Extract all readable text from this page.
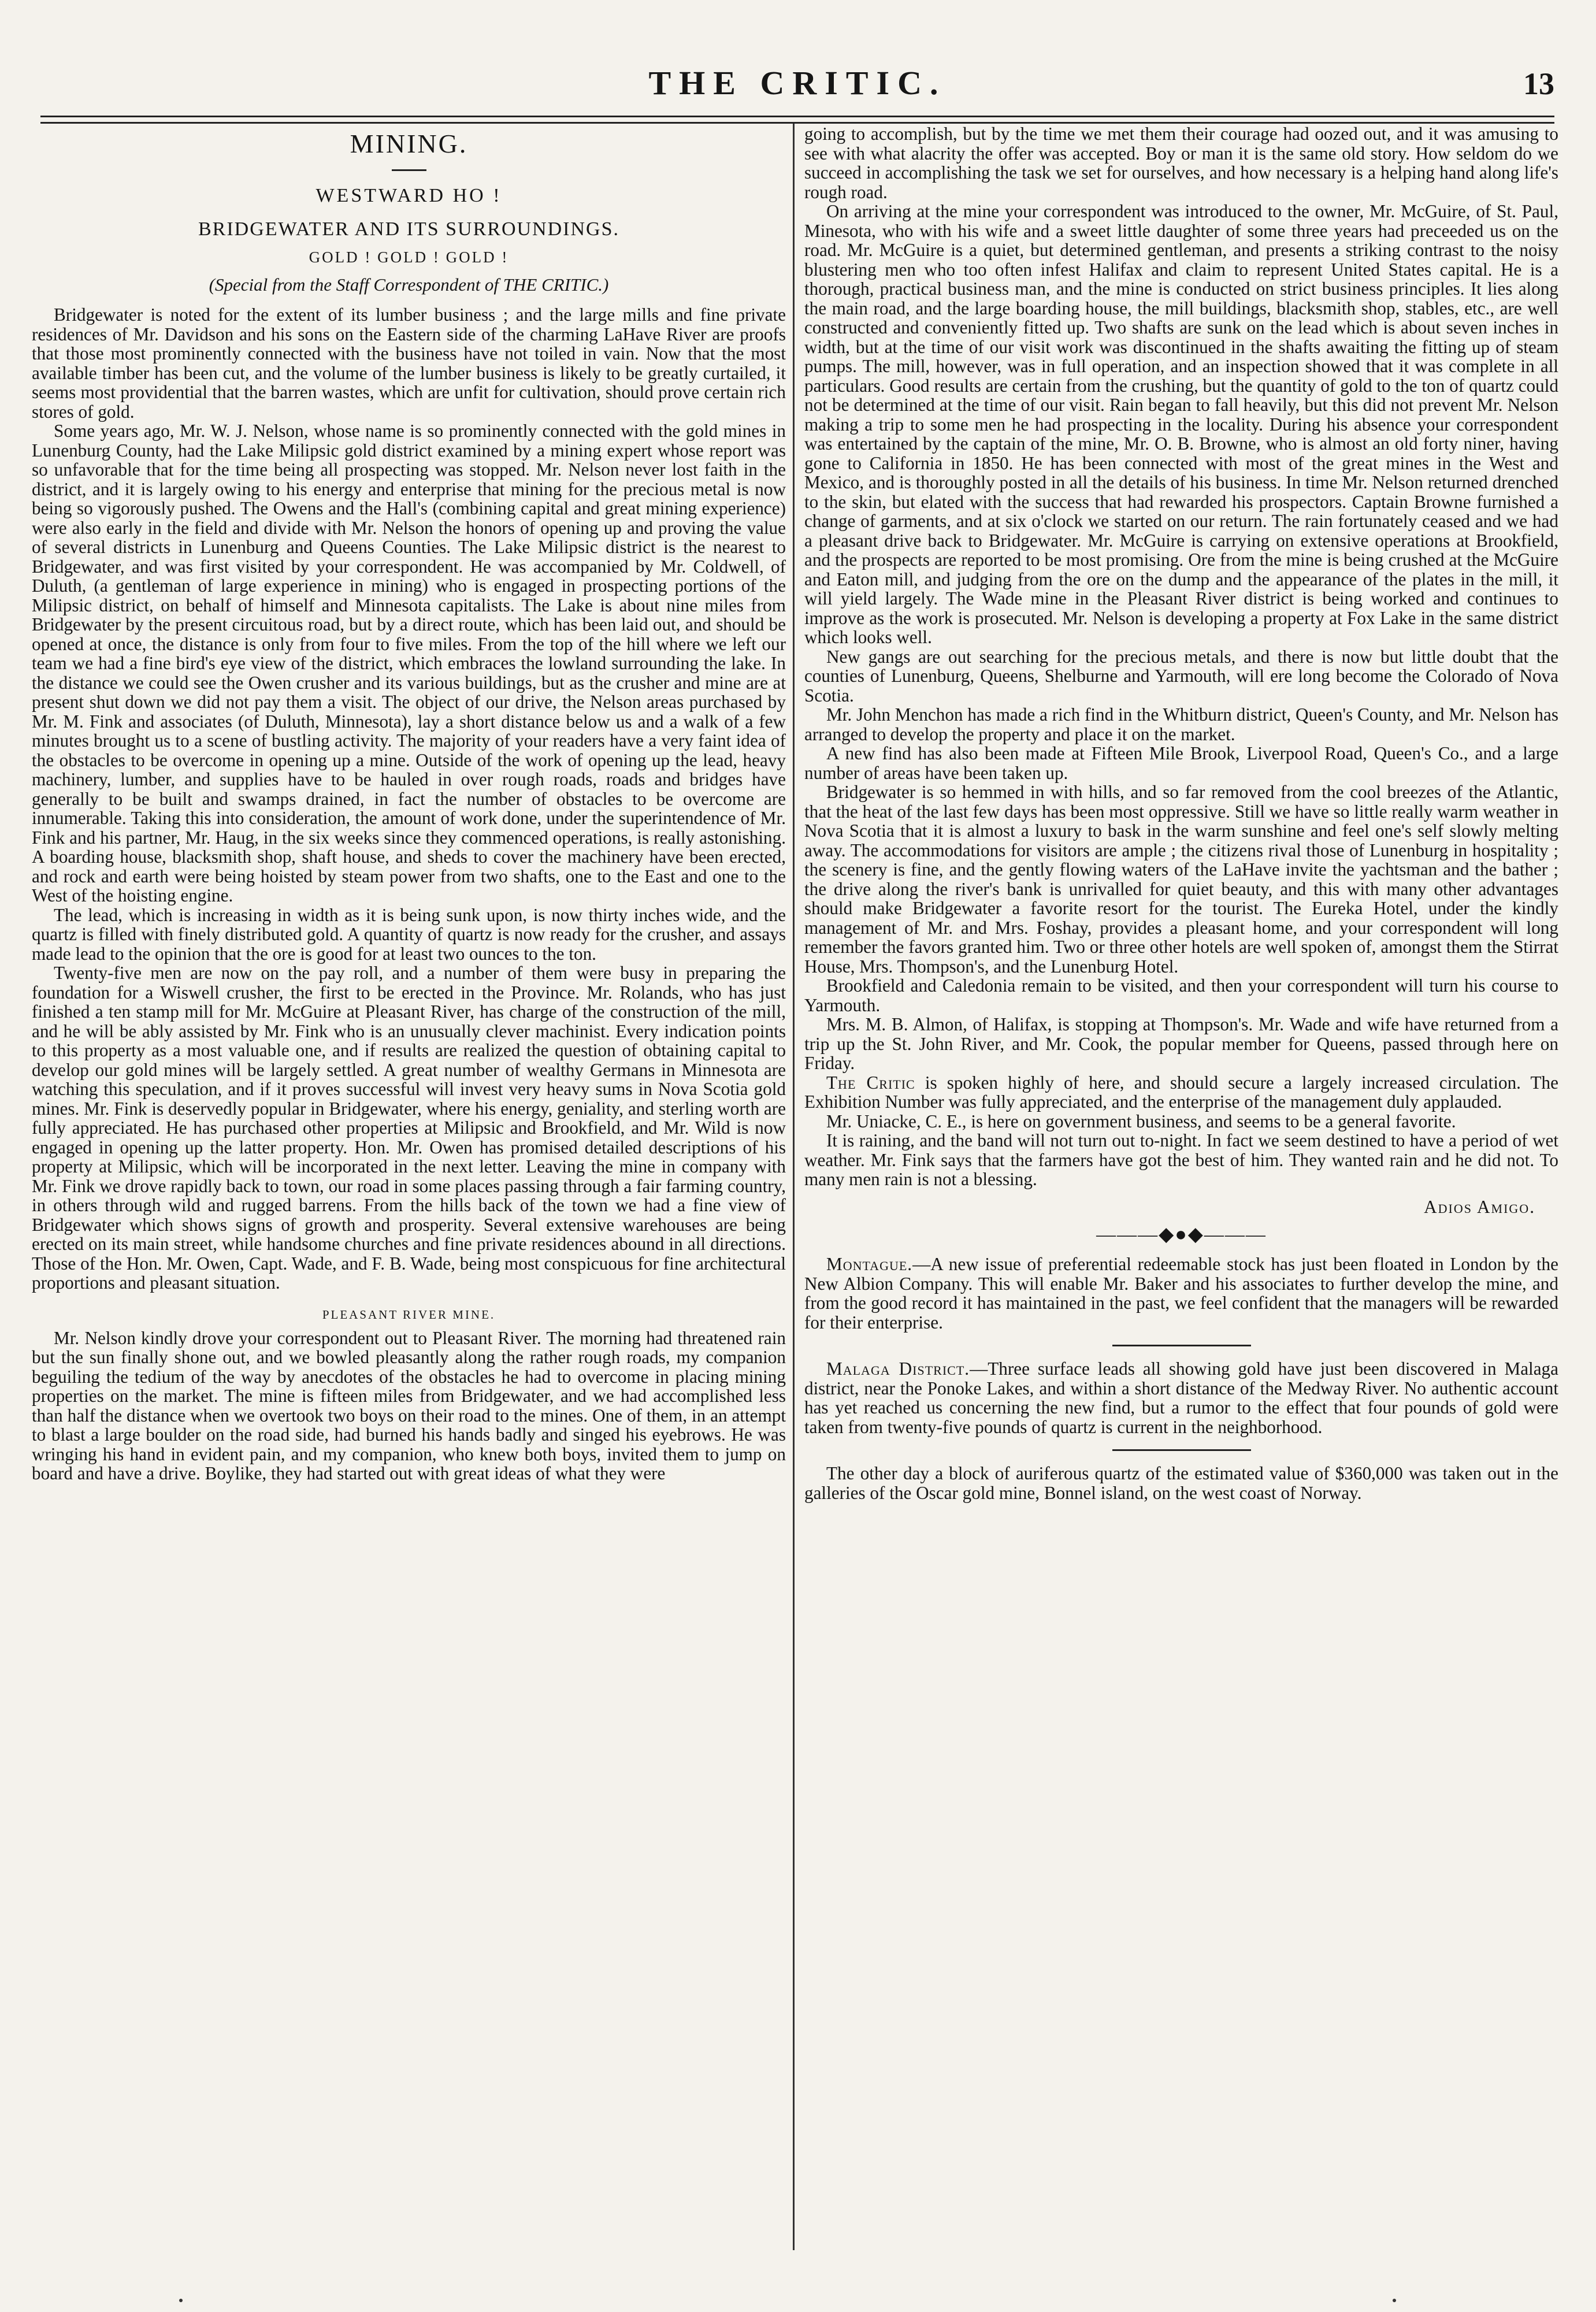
THE CRITIC.	13
MINING.
WESTWARD HO !
BRIDGEWATER AND ITS SURROUNDINGS.
GOLD ! GOLD ! GOLD !
(Special from the Staff Correspondent of THE CRITIC.)

Bridgewater is noted for the extent of its lumber business ; and the large mills and fine private residences of Mr. Davidson and his sons on the Eastern side of the charming LaHave River are proofs that those most prominently connected with the business have not toiled in vain. Now that the most available timber has been cut, and the volume of the lumber business is likely to be greatly curtailed, it seems most providential that the barren wastes, which are unfit for cultivation, should prove certain rich stores of gold.

Some years ago, Mr. W. J. Nelson, whose name is so prominently connected with the gold mines in Lunenburg County, had the Lake Milipsic gold district examined by a mining expert whose report was so unfavorable that for the time being all prospecting was stopped. Mr. Nelson never lost faith in the district, and it is largely owing to his energy and enterprise that mining for the precious metal is now being so vigorously pushed. The Owens and the Hall's (combining capital and great mining experience) were also early in the field and divide with Mr. Nelson the honors of opening up and proving the value of several districts in Lunenburg and Queens Counties. The Lake Milipsic district is the nearest to Bridgewater, and was first visited by your correspondent. He was accompanied by Mr. Coldwell, of Duluth, (a gentleman of large experience in mining) who is engaged in prospecting portions of the Milipsic district, on behalf of himself and Minnesota capitalists. The Lake is about nine miles from Bridgewater by the present circuitous road, but by a direct route, which has been laid out, and should be opened at once, the distance is only from four to five miles. From the top of the hill where we left our team we had a fine bird's eye view of the district, which embraces the lowland surrounding the lake. In the distance we could see the Owen crusher and its various buildings, but as the crusher and mine are at present shut down we did not pay them a visit. The object of our drive, the Nelson areas purchased by Mr. M. Fink and associates (of Duluth, Minnesota), lay a short distance below us and a walk of a few minutes brought us to a scene of bustling activity. The majority of your readers have a very faint idea of the obstacles to be overcome in opening up a mine. Outside of the work of opening up the lead, heavy machinery, lumber, and supplies have to be hauled in over rough roads, roads and bridges have generally to be built and swamps drained, in fact the number of obstacles to be overcome are innumerable. Taking this into consideration, the amount of work done, under the superintendence of Mr. Fink and his partner, Mr. Haug, in the six weeks since they commenced operations, is really astonishing. A boarding house, blacksmith shop, shaft house, and sheds to cover the machinery have been erected, and rock and earth were being hoisted by steam power from two shafts, one to the East and one to the West of the hoisting engine.

The lead, which is increasing in width as it is being sunk upon, is now thirty inches wide, and the quartz is filled with finely distributed gold. A quantity of quartz is now ready for the crusher, and assays made lead to the opinion that the ore is good for at least two ounces to the ton.

Twenty-five men are now on the pay roll, and a number of them were busy in preparing the foundation for a Wiswell crusher, the first to be erected in the Province. Mr. Rolands, who has just finished a ten stamp mill for Mr. McGuire at Pleasant River, has charge of the construction of the mill, and he will be ably assisted by Mr. Fink who is an unusually clever machinist. Every indication points to this property as a most valuable one, and if results are realized the question of obtaining capital to develop our gold mines will be largely settled. A great number of wealthy Germans in Minnesota are watching this speculation, and if it proves successful will invest very heavy sums in Nova Scotia gold mines. Mr. Fink is deservedly popular in Bridgewater, where his energy, geniality, and sterling worth are fully appreciated. He has purchased other properties at Milipsic and Brookfield, and Mr. Wild is now engaged in opening up the latter property. Hon. Mr. Owen has promised detailed descriptions of his property at Milipsic, which will be incorporated in the next letter. Leaving the mine in company with Mr. Fink we drove rapidly back to town, our road in some places passing through a fair farming country, in others through wild and rugged barrens. From the hills back of the town we had a fine view of Bridgewater which shows signs of growth and prosperity. Several extensive warehouses are being erected on its main street, while handsome churches and fine private residences abound in all directions. Those of the Hon. Mr. Owen, Capt. Wade, and F. B. Wade, being most conspicuous for fine architectural proportions and pleasant situation.

PLEASANT RIVER MINE.

Mr. Nelson kindly drove your correspondent out to Pleasant River. The morning had threatened rain but the sun finally shone out, and we bowled pleasantly along the rather rough roads, my companion beguiling the tedium of the way by anecdotes of the obstacles he had to overcome in placing mining properties on the market. The mine is fifteen miles from Bridgewater, and we had accomplished less than half the distance when we overtook two boys on their road to the mines. One of them, in an attempt to blast a large boulder on the road side, had burned his hands badly and singed his eyebrows. He was wringing his hand in evident pain, and my companion, who knew both boys, invited them to jump on board and have a drive. Boylike, they had started out with great ideas of what they were

going to accomplish, but by the time we met them their courage had oozed out, and it was amusing to see with what alacrity the offer was accepted. Boy or man it is the same old story. How seldom do we succeed in accomplishing the task we set for ourselves, and how necessary is a helping hand along life's rough road.

On arriving at the mine your correspondent was introduced to the owner, Mr. McGuire, of St. Paul, Minesota, who with his wife and a sweet little daughter of some three years had preceeded us on the road. Mr. McGuire is a quiet, but determined gentleman, and presents a striking contrast to the noisy blustering men who too often infest Halifax and claim to represent United States capital. He is a thorough, practical business man, and the mine is conducted on strict business principles. It lies along the main road, and the large boarding house, the mill buildings, blacksmith shop, stables, etc., are well constructed and conveniently fitted up. Two shafts are sunk on the lead which is about seven inches in width, but at the time of our visit work was discontinued in the shafts awaiting the fitting up of steam pumps. The mill, however, was in full operation, and an inspection showed that it was complete in all particulars. Good results are certain from the crushing, but the quantity of gold to the ton of quartz could not be determined at the time of our visit. Rain began to fall heavily, but this did not prevent Mr. Nelson making a trip to some men he had prospecting in the locality. During his absence your correspondent was entertained by the captain of the mine, Mr. O. B. Browne, who is almost an old forty niner, having gone to California in 1850. He has been connected with most of the great mines in the West and Mexico, and is thoroughly posted in all the details of his business. In time Mr. Nelson returned drenched to the skin, but elated with the success that had rewarded his prospectors. Captain Browne furnished a change of garments, and at six o'clock we started on our return. The rain fortunately ceased and we had a pleasant drive back to Bridgewater. Mr. McGuire is carrying on extensive operations at Brookfield, and the prospects are reported to be most promising. Ore from the mine is being crushed at the McGuire and Eaton mill, and judging from the ore on the dump and the appearance of the plates in the mill, it will yield largely. The Wade mine in the Pleasant River district is being worked and continues to improve as the work is prosecuted. Mr. Nelson is developing a property at Fox Lake in the same district which looks well.

New gangs are out searching for the precious metals, and there is now but little doubt that the counties of Lunenburg, Queens, Shelburne and Yarmouth, will ere long become the Colorado of Nova Scotia.

Mr. John Menchon has made a rich find in the Whitburn district, Queen's County, and Mr. Nelson has arranged to develop the property and place it on the market.

A new find has also been made at Fifteen Mile Brook, Liverpool Road, Queen's Co., and a large number of areas have been taken up.

Bridgewater is so hemmed in with hills, and so far removed from the cool breezes of the Atlantic, that the heat of the last few days has been most oppressive. Still we have so little really warm weather in Nova Scotia that it is almost a luxury to bask in the warm sunshine and feel one's self slowly melting away. The accommodations for visitors are ample ; the citizens rival those of Lunenburg in hospitality ; the scenery is fine, and the gently flowing waters of the LaHave invite the yachtsman and the bather ; the drive along the river's bank is unrivalled for quiet beauty, and this with many other advantages should make Bridgewater a favorite resort for the tourist. The Eureka Hotel, under the kindly management of Mr. and Mrs. Foshay, provides a pleasant home, and your correspondent will long remember the favors granted him. Two or three other hotels are well spoken of, amongst them the Stirrat House, Mrs. Thompson's, and the Lunenburg Hotel.

Brookfield and Caledonia remain to be visited, and then your correspondent will turn his course to Yarmouth.

Mrs. M. B. Almon, of Halifax, is stopping at Thompson's. Mr. Wade and wife have returned from a trip up the St. John River, and Mr. Cook, the popular member for Queens, passed through here on Friday.

The Critic is spoken highly of here, and should secure a largely increased circulation. The Exhibition Number was fully appreciated, and the enterprise of the management duly applauded.

Mr. Uniacke, C. E., is here on government business, and seems to be a general favorite.

It is raining, and the band will not turn out to-night. In fact we seem destined to have a period of wet weather. Mr. Fink says that the farmers have got the best of him. They wanted rain and he did not. To many men rain is not a blessing.

Adios Amigo.
———◆●◆———

Montague.—A new issue of preferential redeemable stock has just been floated in London by the New Albion Company. This will enable Mr. Baker and his associates to further develop the mine, and from the good record it has maintained in the past, we feel confident that the managers will be rewarded for their enterprise.

Malaga District.—Three surface leads all showing gold have just been discovered in Malaga district, near the Ponoke Lakes, and within a short distance of the Medway River. No authentic account has yet reached us concerning the new find, but a rumor to the effect that four pounds of gold were taken from twenty-five pounds of quartz is current in the neighborhood.

The other day a block of auriferous quartz of the estimated value of $360,000 was taken out in the galleries of the Oscar gold mine, Bonnel island, on the west coast of Norway.
